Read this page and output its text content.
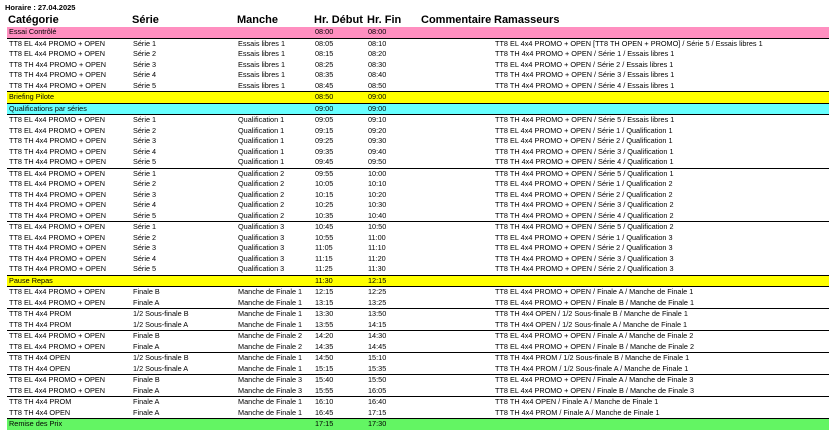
Horaire : 27.04.2025
Catégorie	Série	Manche	Hr. Début	Hr. Fin	Commentaire	Ramasseurs
Essai Contrôlé			08:00	08:00		
TT8 EL 4x4 PROMO + OPEN	Série 1	Essais libres 1	08:05	08:10		TT8 EL 4x4 PROMO + OPEN [TT8 TH OPEN + PROMO] / Série 5 / Essais libres 1
TT8 EL 4x4 PROMO + OPEN	Série 2	Essais libres 1	08:15	08:20		TT8 TH 4x4 PROMO + OPEN / Série 1 / Essais libres 1
TT8 TH 4x4 PROMO + OPEN	Série 3	Essais libres 1	08:25	08:30		TT8 EL 4x4 PROMO + OPEN / Série 2 / Essais libres 1
TT8 TH 4x4 PROMO + OPEN	Série 4	Essais libres 1	08:35	08:40		TT8 TH 4x4 PROMO + OPEN / Série 3 / Essais libres 1
TT8 TH 4x4 PROMO + OPEN	Série 5	Essais libres 1	08:45	08:50		TT8 TH 4x4 PROMO + OPEN / Série 4 / Essais libres 1
Briefing Pilote			08:50	09:00		
Qualifications par séries			09:00	09:00		
TT8 EL 4x4 PROMO + OPEN	Série 1	Qualification 1	09:05	09:10		TT8 TH 4x4 PROMO + OPEN / Série 5 / Essais libres 1
TT8 EL 4x4 PROMO + OPEN	Série 2	Qualification 1	09:15	09:20		TT8 EL 4x4 PROMO + OPEN / Série 1 / Qualification 1
TT8 TH 4x4 PROMO + OPEN	Série 3	Qualification 1	09:25	09:30		TT8 EL 4x4 PROMO + OPEN / Série 2 / Qualification 1
TT8 TH 4x4 PROMO + OPEN	Série 4	Qualification 1	09:35	09:40		TT8 TH 4x4 PROMO + OPEN / Série 3 / Qualification 1
TT8 TH 4x4 PROMO + OPEN	Série 5	Qualification 1	09:45	09:50		TT8 TH 4x4 PROMO + OPEN / Série 4 / Qualification 1
TT8 EL 4x4 PROMO + OPEN	Série 1	Qualification 2	09:55	10:00		TT8 TH 4x4 PROMO + OPEN / Série 5 / Qualification 1
TT8 EL 4x4 PROMO + OPEN	Série 2	Qualification 2	10:05	10:10		TT8 EL 4x4 PROMO + OPEN / Série 1 / Qualification 2
TT8 TH 4x4 PROMO + OPEN	Série 3	Qualification 2	10:15	10:20		TT8 EL 4x4 PROMO + OPEN / Série 2 / Qualification 2
TT8 TH 4x4 PROMO + OPEN	Série 4	Qualification 2	10:25	10:30		TT8 TH 4x4 PROMO + OPEN / Série 3 / Qualification 2
TT8 TH 4x4 PROMO + OPEN	Série 5	Qualification 2	10:35	10:40		TT8 TH 4x4 PROMO + OPEN / Série 4 / Qualification 2
TT8 EL 4x4 PROMO + OPEN	Série 1	Qualification 3	10:45	10:50		TT8 TH 4x4 PROMO + OPEN / Série 5 / Qualification 2
TT8 EL 4x4 PROMO + OPEN	Série 2	Qualification 3	10:55	11:00		TT8 EL 4x4 PROMO + OPEN / Série 1 / Qualification 3
TT8 TH 4x4 PROMO + OPEN	Série 3	Qualification 3	11:05	11:10		TT8 EL 4x4 PROMO + OPEN / Série 2 / Qualification 3
TT8 TH 4x4 PROMO + OPEN	Série 4	Qualification 3	11:15	11:20		TT8 TH 4x4 PROMO + OPEN / Série 3 / Qualification 3
TT8 TH 4x4 PROMO + OPEN	Série 5	Qualification 3	11:25	11:30		TT8 TH 4x4 PROMO + OPEN / Série 2 / Qualification 3
Pause Repas			11:30	12:15		
TT8 EL 4x4 PROMO + OPEN	Finale B	Manche de Finale 1	12:15	12:25		TT8 EL 4x4 PROMO + OPEN / Finale A / Manche de Finale 1
TT8 EL 4x4 PROMO + OPEN	Finale A	Manche de Finale 1	13:15	13:25		TT8 EL 4x4 PROMO + OPEN / Finale B / Manche de Finale 1
TT8 TH 4x4 PROM	1/2 Sous-finale B	Manche de Finale 1	13:30	13:50		TT8 TH 4x4 OPEN / 1/2 Sous-finale B / Manche de Finale 1
TT8 TH 4x4 PROM	1/2 Sous-finale A	Manche de Finale 1	13:55	14:15		TT8 TH 4x4 OPEN / 1/2 Sous-finale A / Manche de Finale 1
TT8 EL 4x4 PROMO + OPEN	Finale B	Manche de Finale 2	14:20	14:30		TT8 EL 4x4 PROMO + OPEN / Finale A / Manche de Finale 2
TT8 EL 4x4 PROMO + OPEN	Finale A	Manche de Finale 2	14:35	14:45		TT8 EL 4x4 PROMO + OPEN / Finale B / Manche de Finale 2
TT8 TH 4x4 OPEN	1/2 Sous-finale B	Manche de Finale 1	14:50	15:10		TT8 TH 4x4 PROM / 1/2 Sous-finale B / Manche de Finale 1
TT8 TH 4x4 OPEN	1/2 Sous-finale A	Manche de Finale 1	15:15	15:35		TT8 TH 4x4 PROM / 1/2 Sous-finale A / Manche de Finale 1
TT8 EL 4x4 PROMO + OPEN	Finale B	Manche de Finale 3	15:40	15:50		TT8 EL 4x4 PROMO + OPEN / Finale A / Manche de Finale 3
TT8 EL 4x4 PROMO + OPEN	Finale A	Manche de Finale 3	15:55	16:05		TT8 EL 4x4 PROMO + OPEN / Finale B / Manche de Finale 3
TT8 TH 4x4 PROM	Finale A	Manche de Finale 1	16:10	16:40		TT8 TH 4x4 OPEN / Finale A / Manche de Finale 1
TT8 TH 4x4 OPEN	Finale A	Manche de Finale 1	16:45	17:15		TT8 TH 4x4 PROM / Finale A / Manche de Finale 1
Remise des Prix			17:15	17:30		
